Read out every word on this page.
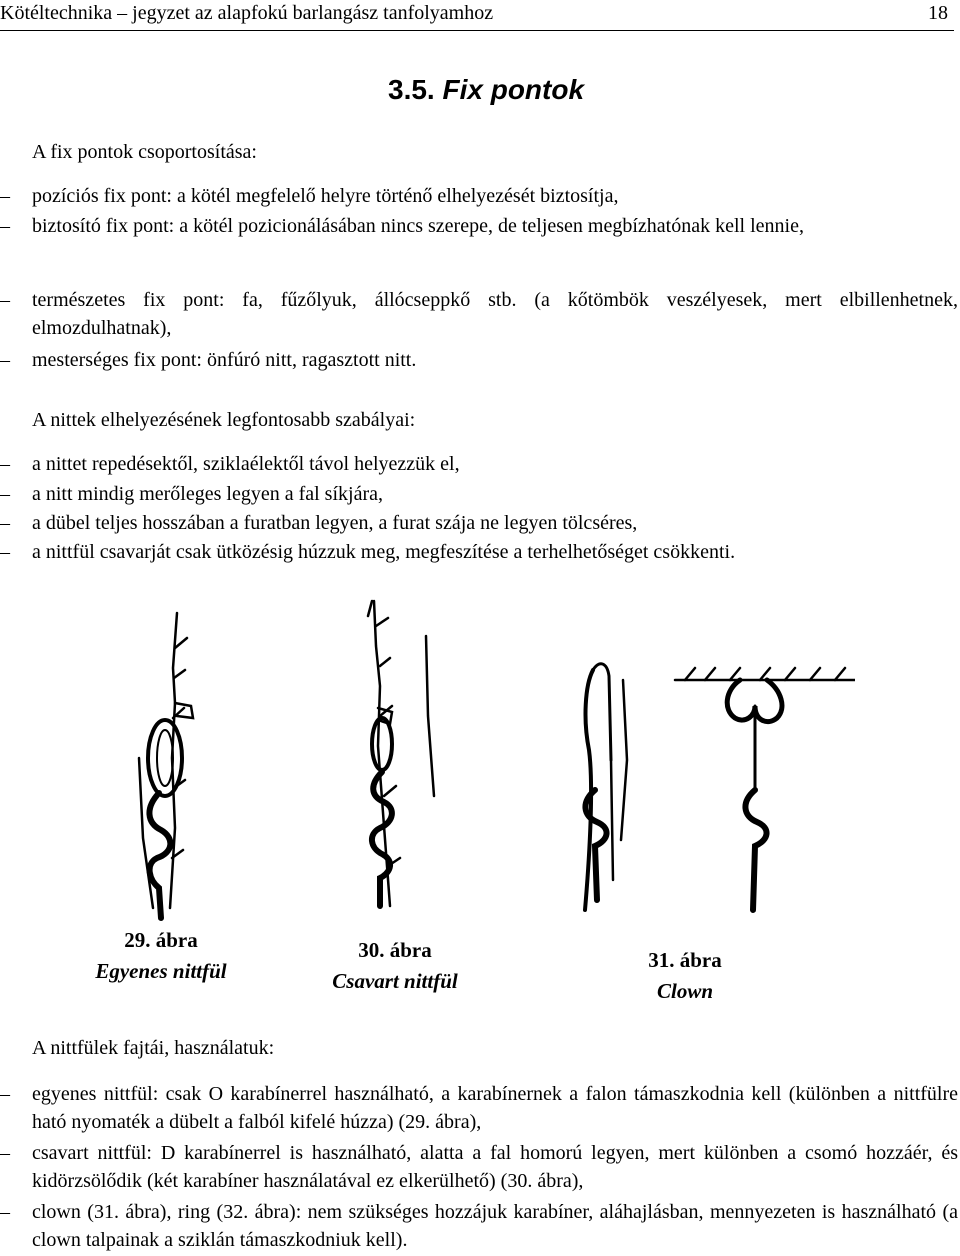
Kötéltechnika – jegyzet az alapfokú barlangász tanfolyamhoz	18
3.5. Fix pontok
A fix pontok csoportosítása:
–	pozíciós fix pont: a kötél megfelelő helyre történő elhelyezését biztosítja,
–	biztosító fix pont: a kötél pozicionálásában nincs szerepe, de teljesen megbízhatónak kell lennie,
–	természetes fix pont: fa, fűzőlyuk, állócseppkő stb. (a kőtömbök veszélyesek, mert elbillenhetnek, elmozdulhatnak),
–	mesterséges fix pont: önfúró nitt, ragasztott nitt.
A nittek elhelyezésének legfontosabb szabályai:
–	a nittet repedésektől, sziklaélektől távol helyezzük el,
–	a nitt mindig merőleges legyen a fal síkjára,
–	a dübel teljes hosszában a furatban legyen, a furat szája ne legyen tölcséres,
–	a nittfül csavarját csak ütközésig húzzuk meg, megfeszítése a terhelhetőséget csökkenti.
29. ábra
Egyenes nittfül
30. ábra
Csavart nittfül
31. ábra
Clown
A nittfülek fajtái, használatuk:
–	egyenes nittfül: csak O karabínerrel használható, a karabínernek a falon támaszkodnia kell (különben a nittfülre ható nyomaték a dübelt a falból kifelé húzza) (29. ábra),
–	csavart nittfül: D karabínerrel is használható, alatta a fal homorú legyen, mert különben a csomó hozzáér, és kidörzsölődik (két karabíner használatával ez elkerülhető) (30. ábra),
–	clown (31. ábra), ring (32. ábra): nem szükséges hozzájuk karabíner, aláhajlásban, mennyezeten is használható (a clown talpainak a sziklán támaszkodniuk kell).
